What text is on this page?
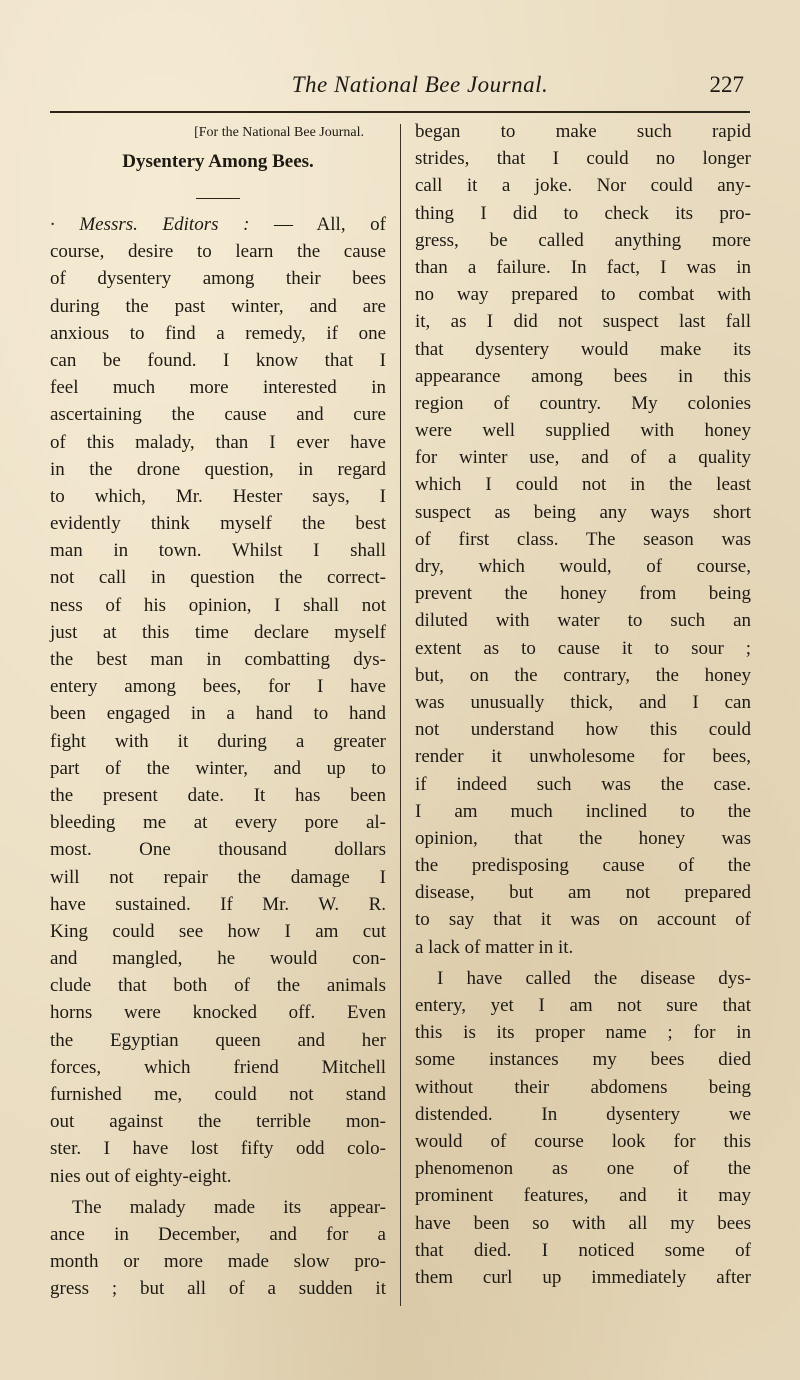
The National Bee Journal.	227
[For the National Bee Journal.
Dysentery Among Bees.
· Messrs. Editors : — All, of
course, desire to learn the cause
of dysentery among their bees
during the past winter, and are
anxious to find a remedy, if one
can be found. I know that I
feel much more interested in
ascertaining the cause and cure
of this malady, than I ever have
in the drone question, in regard
to which, Mr. Hester says, I
evidently think myself the best
man in town. Whilst I shall
not call in question the correct-
ness of his opinion, I shall not
just at this time declare myself
the best man in combatting dys-
entery among bees, for I have
been engaged in a hand to hand
fight with it during a greater
part of the winter, and up to
the present date. It has been
bleeding me at every pore al-
most. One thousand dollars
will not repair the damage I
have sustained. If Mr. W. R.
King could see how I am cut
and mangled, he would con-
clude that both of the animals
horns were knocked off. Even
the Egyptian queen and her
forces, which friend Mitchell
furnished me, could not stand
out against the terrible mon-
ster. I have lost fifty odd colo-
nies out of eighty-eight.
The malady made its appear-
ance in December, and for a
month or more made slow pro-
gress ; but all of a sudden it
began to make such rapid
strides, that I could no longer
call it a joke. Nor could any-
thing I did to check its pro-
gress, be called anything more
than a failure. In fact, I was in
no way prepared to combat with
it, as I did not suspect last fall
that dysentery would make its
appearance among bees in this
region of country. My colonies
were well supplied with honey
for winter use, and of a quality
which I could not in the least
suspect as being any ways short
of first class. The season was
dry, which would, of course,
prevent the honey from being
diluted with water to such an
extent as to cause it to sour ;
but, on the contrary, the honey
was unusually thick, and I can
not understand how this could
render it unwholesome for bees,
if indeed such was the case.
I am much inclined to the
opinion, that the honey was
the predisposing cause of the
disease, but am not prepared
to say that it was on account of
a lack of matter in it.
I have called the disease dys-
entery, yet I am not sure that
this is its proper name ; for in
some instances my bees died
without their abdomens being
distended. In dysentery we
would of course look for this
phenomenon as one of the
prominent features, and it may
have been so with all my bees
that died. I noticed some of
them curl up immediately after
